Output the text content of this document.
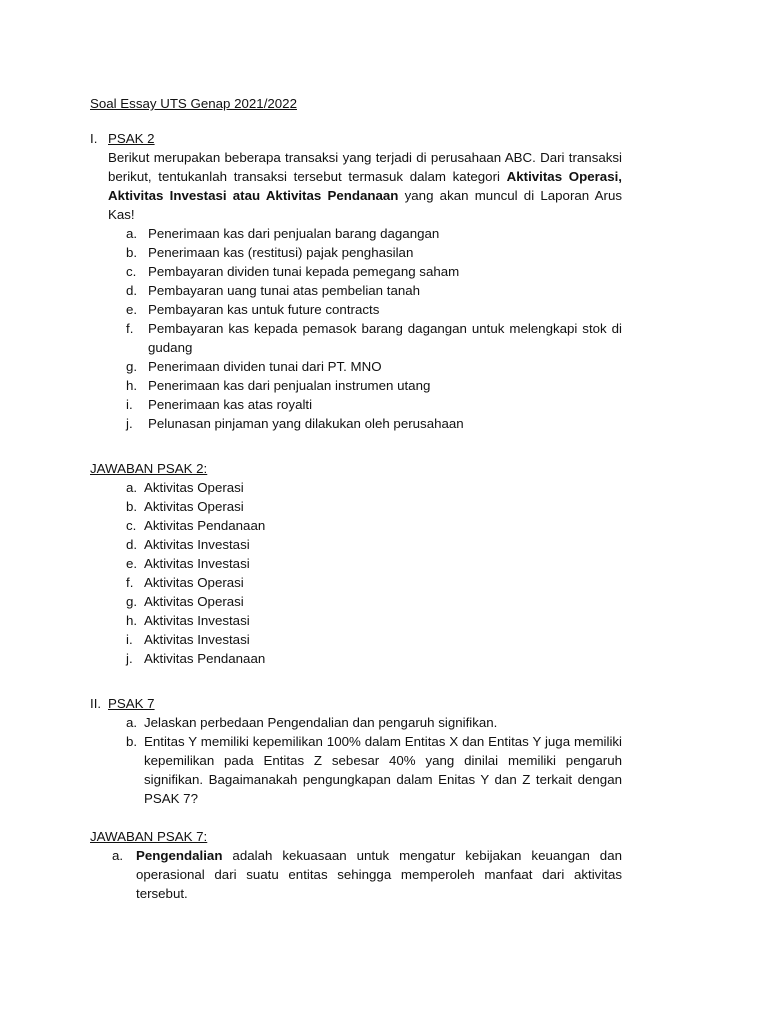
Soal Essay UTS Genap 2021/2022
I. PSAK 2
Berikut merupakan beberapa transaksi yang terjadi di perusahaan ABC. Dari transaksi berikut, tentukanlah transaksi tersebut termasuk dalam kategori Aktivitas Operasi, Aktivitas Investasi atau Aktivitas Pendanaan yang akan muncul di Laporan Arus Kas!
a. Penerimaan kas dari penjualan barang dagangan
b. Penerimaan kas (restitusi) pajak penghasilan
c. Pembayaran dividen tunai kepada pemegang saham
d. Pembayaran uang tunai atas pembelian tanah
e. Pembayaran kas untuk future contracts
f.	Pembayaran kas kepada pemasok barang dagangan untuk melengkapi stok di gudang
g. Penerimaan dividen tunai dari PT. MNO
h. Penerimaan kas dari penjualan instrumen utang
i.	Penerimaan kas atas royalti
j.	Pelunasan pinjaman yang dilakukan oleh perusahaan
JAWABAN PSAK 2:
a. Aktivitas Operasi
b. Aktivitas Operasi
c. Aktivitas Pendanaan
d. Aktivitas Investasi
e. Aktivitas Investasi
f. Aktivitas Operasi
g. Aktivitas Operasi
h. Aktivitas Investasi
i. Aktivitas Investasi
j. Aktivitas Pendanaan
II. PSAK 7
a. Jelaskan perbedaan Pengendalian dan pengaruh signifikan.
b. Entitas Y memiliki kepemilikan 100% dalam Entitas X dan Entitas Y juga memiliki kepemilikan pada Entitas Z sebesar 40% yang dinilai memiliki pengaruh signifikan. Bagaimanakah pengungkapan dalam Enitas Y dan Z terkait dengan PSAK 7?
JAWABAN PSAK 7:
a. Pengendalian adalah kekuasaan untuk mengatur kebijakan keuangan dan operasional dari suatu entitas sehingga memperoleh manfaat dari aktivitas tersebut.
